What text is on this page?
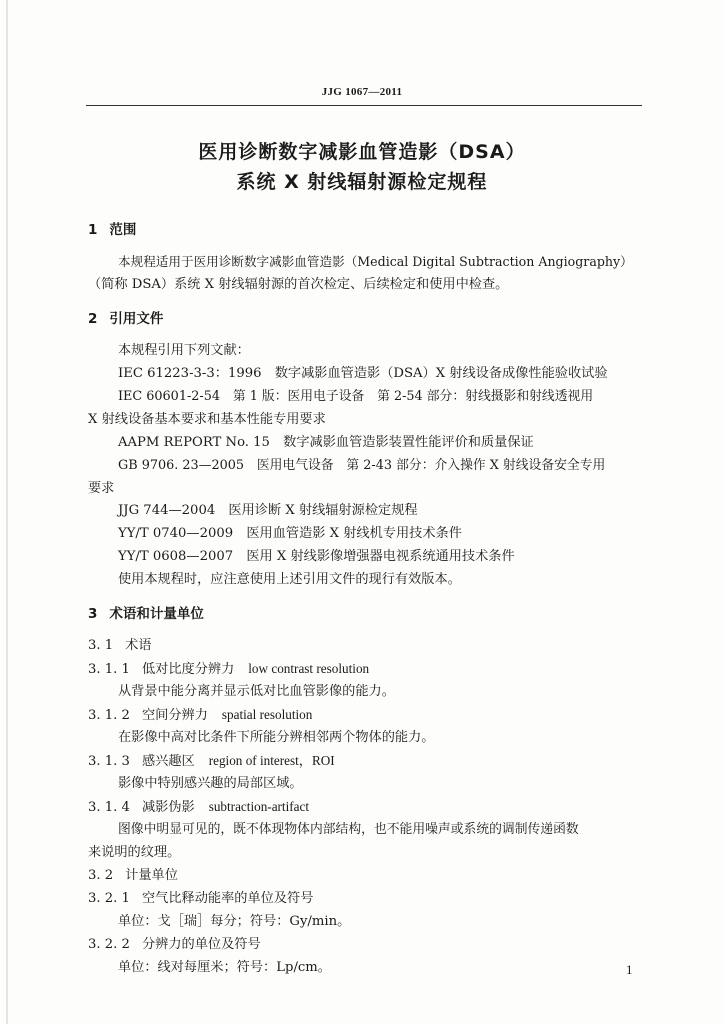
JJG 1067—2011
医用诊断数字减影血管造影（DSA）
系统 X 射线辐射源检定规程
1 范围
本规程适用于医用诊断数字减影血管造影（Medical Digital Subtraction Angiography）
（简称 DSA）系统 X 射线辐射源的首次检定、后续检定和使用中检查。
2 引用文件
本规程引用下列文献：
IEC 61223-3-3：1996　数字减影血管造影（DSA）X 射线设备成像性能验收试验
IEC 60601-2-54　第 1 版：医用电子设备　第 2-54 部分：射线摄影和射线透视用
X 射线设备基本要求和基本性能专用要求
AAPM REPORT No. 15　数字减影血管造影装置性能评价和质量保证
GB 9706. 23—2005　医用电气设备　第 2-43 部分：介入操作 X 射线设备安全专用
要求
JJG 744—2004　医用诊断 X 射线辐射源检定规程
YY/T 0740—2009　医用血管造影 X 射线机专用技术条件
YY/T 0608—2007　医用 X 射线影像增强器电视系统通用技术条件
使用本规程时，应注意使用上述引用文件的现行有效版本。
3 术语和计量单位
3. 1 术语
3. 1. 1 低对比度分辨力 low contrast resolution
从背景中能分离并显示低对比血管影像的能力。
3. 1. 2 空间分辨力 spatial resolution
在影像中高对比条件下所能分辨相邻两个物体的能力。
3. 1. 3 感兴趣区 region of interest，ROI
影像中特别感兴趣的局部区域。
3. 1. 4 减影伪影 subtraction-artifact
图像中明显可见的，既不体现物体内部结构，也不能用噪声或系统的调制传递函数
来说明的纹理。
3. 2 计量单位
3. 2. 1 空气比释动能率的单位及符号
单位：戈［瑞］每分；符号：Gy/min。
3. 2. 2 分辨力的单位及符号
单位：线对每厘米；符号：Lp/cm。	1
